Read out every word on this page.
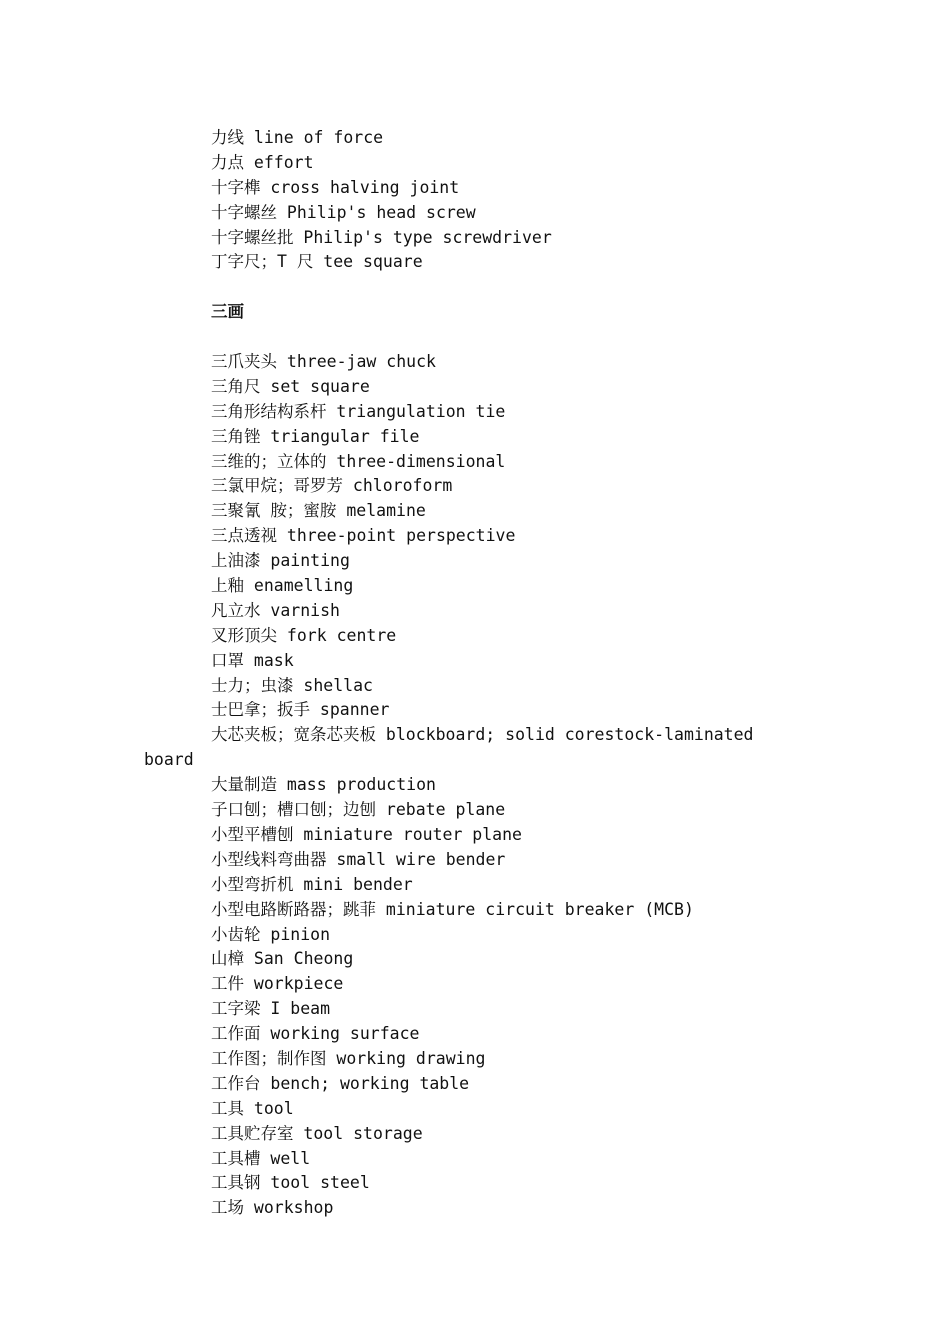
力线 line of force
力点 effort
十字榫 cross halving joint
十字螺丝 Philip's head screw
十字螺丝批 Philip's type screwdriver
丁字尺；T 尺 tee square
三画
三爪夹头 three-jaw chuck
三角尺 set square
三角形结构系杆 triangulation tie
三角锉 triangular file
三维的；立体的 three-dimensional
三氯甲烷；哥罗芳 chloroform
三聚氰 胺；蜜胺 melamine
三点透视 three-point perspective
上油漆 painting
上釉 enamelling
凡立水 varnish
叉形顶尖 fork centre
口罩 mask
士力；虫漆 shellac
士巴拿；扳手 spanner
大芯夹板；宽条芯夹板 blockboard; solid corestock-laminated board
大量制造 mass production
子口刨；槽口刨；边刨 rebate plane
小型平槽刨 miniature router plane
小型线料弯曲器 small wire bender
小型弯折机 mini bender
小型电路断路器；跳菲 miniature circuit breaker (MCB)
小齿轮 pinion
山樟 San Cheong
工件 workpiece
工字梁 I beam
工作面 working surface
工作图；制作图 working drawing
工作台 bench; working table
工具 tool
工具贮存室 tool storage
工具槽 well
工具钢 tool steel
工场 workshop
